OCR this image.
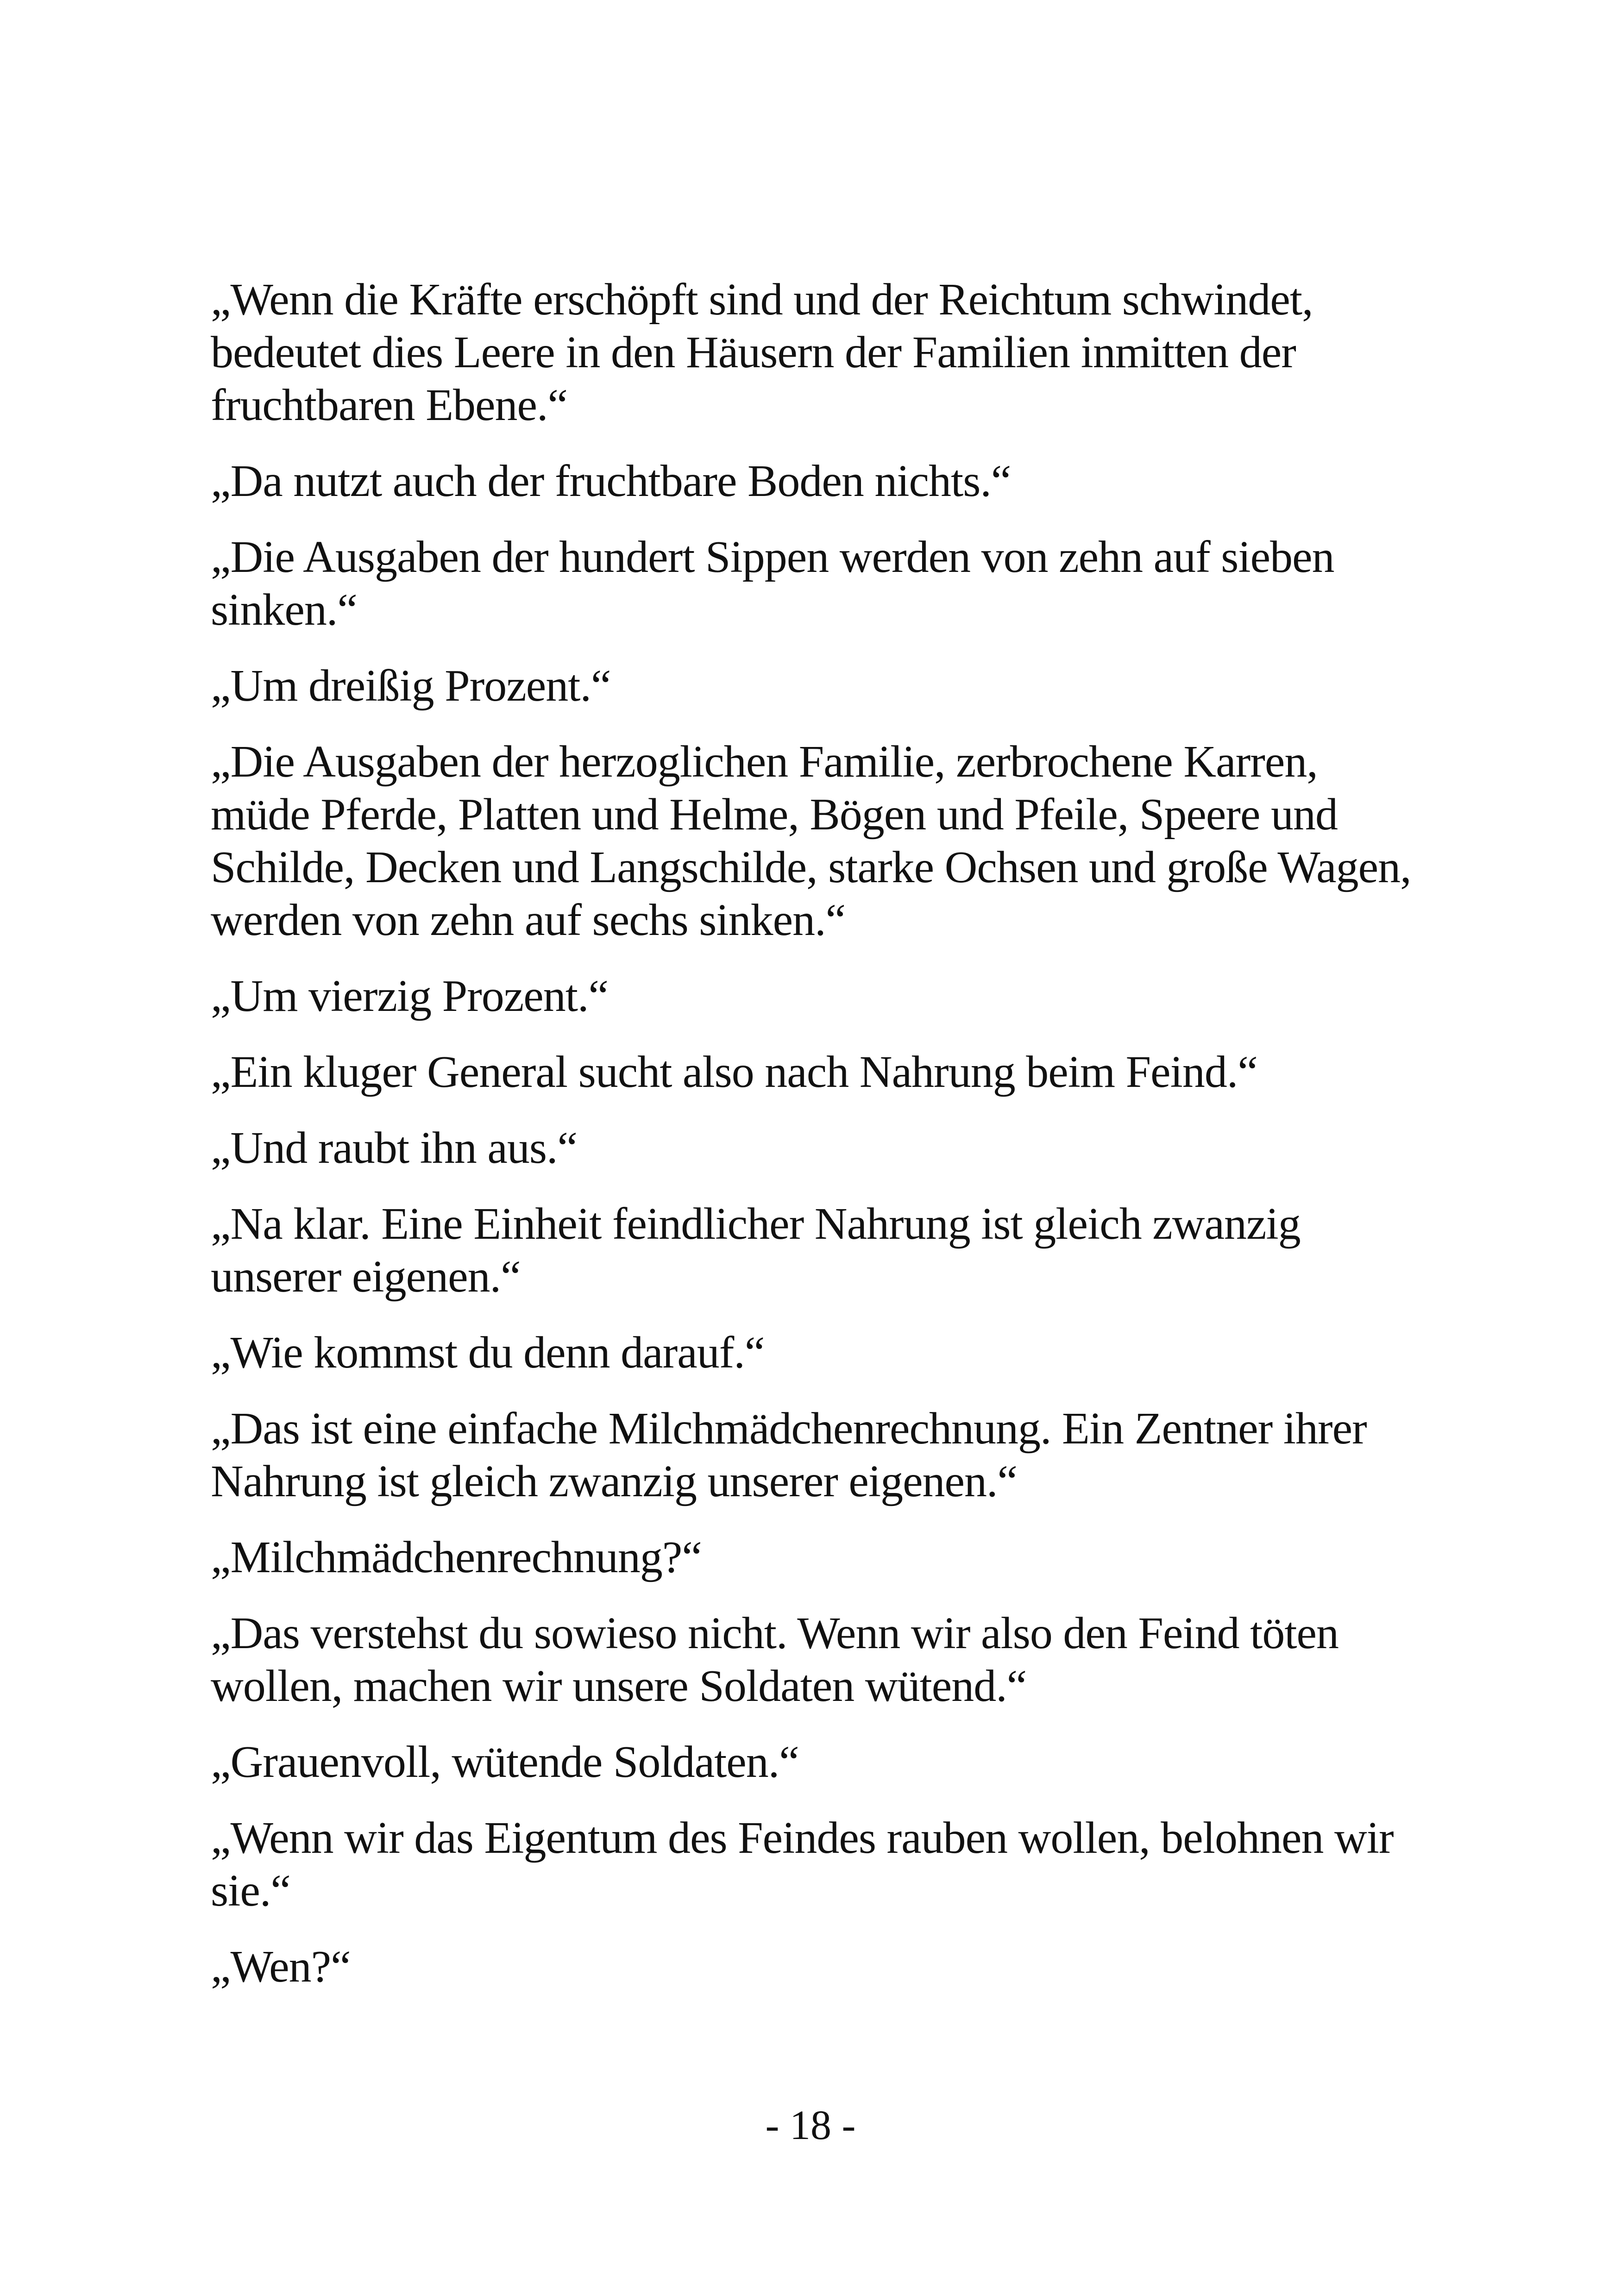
„Wenn die Kräfte erschöpft sind und der Reichtum schwindet, bedeutet dies Leere in den Häusern der Familien inmitten der fruchtbaren Ebene.“

„Da nutzt auch der fruchtbare Boden nichts.“

„Die Ausgaben der hundert Sippen werden von zehn auf sieben sinken.“

„Um dreißig Prozent.“

„Die Ausgaben der herzoglichen Familie, zerbrochene Karren, müde Pferde, Platten und Helme, Bögen und Pfeile, Speere und Schilde, Decken und Langschilde, starke Ochsen und große Wagen, werden von zehn auf sechs sinken.“

„Um vierzig Prozent.“

„Ein kluger General sucht also nach Nahrung beim Feind.“

„Und raubt ihn aus.“

„Na klar. Eine Einheit feindlicher Nahrung ist gleich zwanzig unserer eigenen.“

„Wie kommst du denn darauf.“

„Das ist eine einfache Milchmädchenrechnung. Ein Zentner ihrer Nahrung ist gleich zwanzig unserer eigenen.“

„Milchmädchenrechnung?“

„Das verstehst du sowieso nicht. Wenn wir also den Feind töten wollen, machen wir unsere Soldaten wütend.“

„Grauenvoll, wütende Soldaten.“

„Wenn wir das Eigentum des Feindes rauben wollen, belohnen wir sie.“

„Wen?“

- 18 -
